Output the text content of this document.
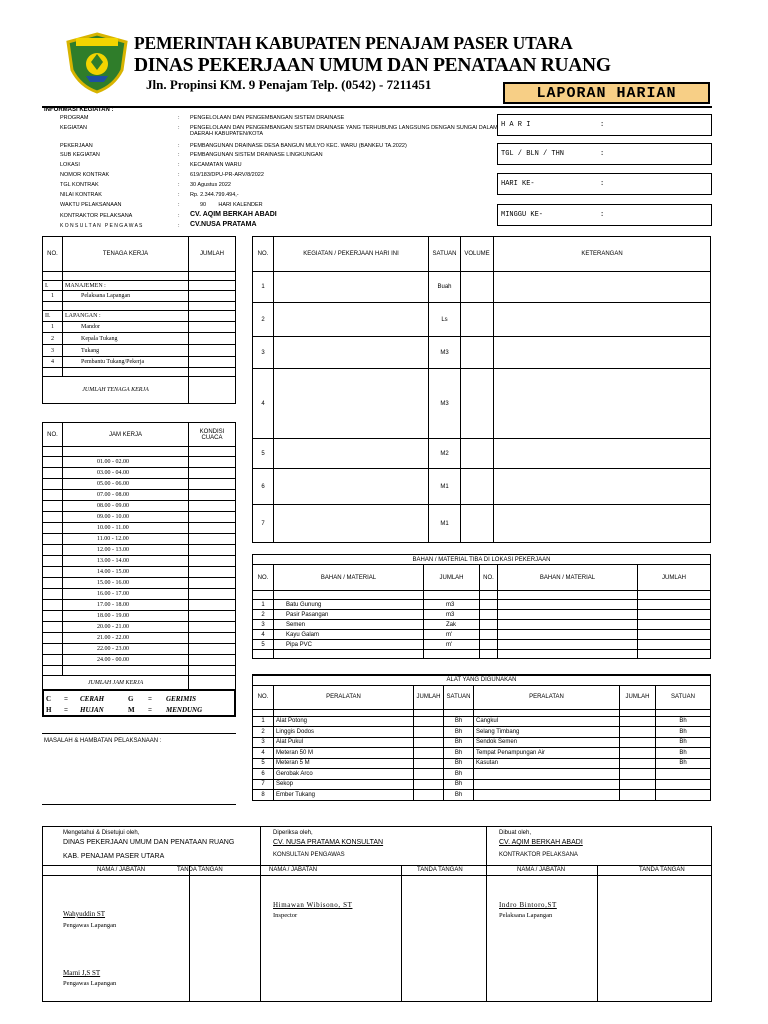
PEMERINTAH KABUPATEN PENAJAM PASER UTARA
DINAS PEKERJAAN UMUM DAN PENATAAN RUANG
Jln. Propinsi KM. 9 Penajam Telp. (0542) - 7211451
LAPORAN HARIAN
INFORMASI KEGIATAN :
PROGRAM	: PENGELOLAAN DAN PENGEMBANGAN SISTEM DRAINASE
KEGIATAN	: PENGELOLAAN DAN PENGEMBANGAN SISTEM DRAINASE YANG TERHUBUNG LANGSUNG DENGAN SUNGAI DALAM DAERAH KABUPATEN/KOTA
PEKERJAAN	: PEMBANGUNAN DRAINASE DESA BANGUN MULYO KEC. WARU (BANKEU TA.2022)
SUB KEGIATAN	: PEMBANGUNAN SISTEM DRAINASE LINGKUNGAN
LOKASI	: KECAMATAN WARU
NOMOR KONTRAK	: 619/183/DPU-PR-ARV/8/2022
TGL KONTRAK	: 30 Agustus 2022
NILAI KONTRAK	: Rp. 2.344.799.494,-
WAKTU PELAKSANAAN	:	90        HARI KALENDER
KONTRAKTOR PELAKSANA	: CV. AQIM BERKAH ABADI
K O N S U L T A N   P E N G A W A S	: CV.NUSA PRATAMA
H A R I	:
TGL / BLN / THN	:
HARI KE-	:
MINGGU KE-	:
NO.	TENAGA KERJA	JUMLAH

I.	MANAJEMEN :	
1	Pelaksana Lapangan	

II.	LAPANGAN :	
1	Mandor	
2	Kepala Tukang	
3	Tukang	
4	Pembantu Tukang/Pekerja	

JUMLAH TENAGA KERJA		
NO.	JAM KERJA	KONDISI CUACA

	01.00 - 02.00	
	03.00 - 04.00	
	05.00 - 06.00	
	07.00 - 08.00	
	08.00 - 09.00	
	09.00 - 10.00	
	10.00 - 11.00	
	11.00 - 12.00	
	12.00 - 13.00	
	13.00 - 14.00	
	14.00 - 15.00	
	15.00 - 16.00	
	16.00 - 17.00	
	17.00 - 18.00	
	18.00 - 19.00	
	20.00 - 21.00	
	21.00 - 22.00	
	22.00 - 23.00	
	24.00 - 00.00	

JUMLAH JAM KERJA		
C = CERAH	G = GERIMIS
H = HUJAN	M = MENDUNG
NO.	KEGIATAN / PEKERJAAN HARI INI	SATUAN	VOLUME	KETERANGAN
1		Buah		
2		Ls		
3		M3		
4		M3		
5		M2		
6		M1		
7		M1		
BAHAN / MATERIAL TIBA DI LOKASI PEKERJAAN					
NO.	BAHAN / MATERIAL	JUMLAH	NO.	BAHAN / MATERIAL	JUMLAH

1	Batu Gunung	m3			
2	Pasir Pasangan	m3			
3	Semen	Zak			
4	Kayu Galam	m'			
5	Pipa PVC	m'			

ALAT YANG DIGUNAKAN						
NO.	PERALATAN	JUMLAH	SATUAN	PERALATAN	JUMLAH	SATUAN

1	Alat Potong		Bh	Cangkul		Bh
2	Linggis Dodos		Bh	Selang Timbang		Bh
3	Alat Pukul		Bh	Sendok Semen		Bh
4	Meteran 50 M		Bh	Tempat Penampungan Air		Bh
5	Meteran 5 M		Bh	Kasutan		Bh
6	Gerobak Arco		Bh			
7	Sekop		Bh			
8	Ember Tukang		Bh			
MASALAH & HAMBATAN PELAKSANAAN :
Mengetahui & Disetujui oleh,
DINAS PEKERJAAN UMUM DAN PENATAAN RUANG
KAB. PENAJAM PASER UTARA
NAMA / JABATAN	TANDA TANGAN
Wahyuddin ST
Pengawas Lapangan
Marni J,S ST
Pengawas Lapangan
Diperiksa oleh,
CV. NUSA PRATAMA KONSULTAN
KONSULTAN PENGAWAS
NAMA / JABATAN	TANDA TANGAN
Himawan Wibisono, ST
Inspector
Dibuat oleh,
CV. AQIM BERKAH ABADI
KONTRAKTOR PELAKSANA
NAMA / JABATAN	TANDA TANGAN
Indro Bintoro,ST
Pelaksana Lapangan
